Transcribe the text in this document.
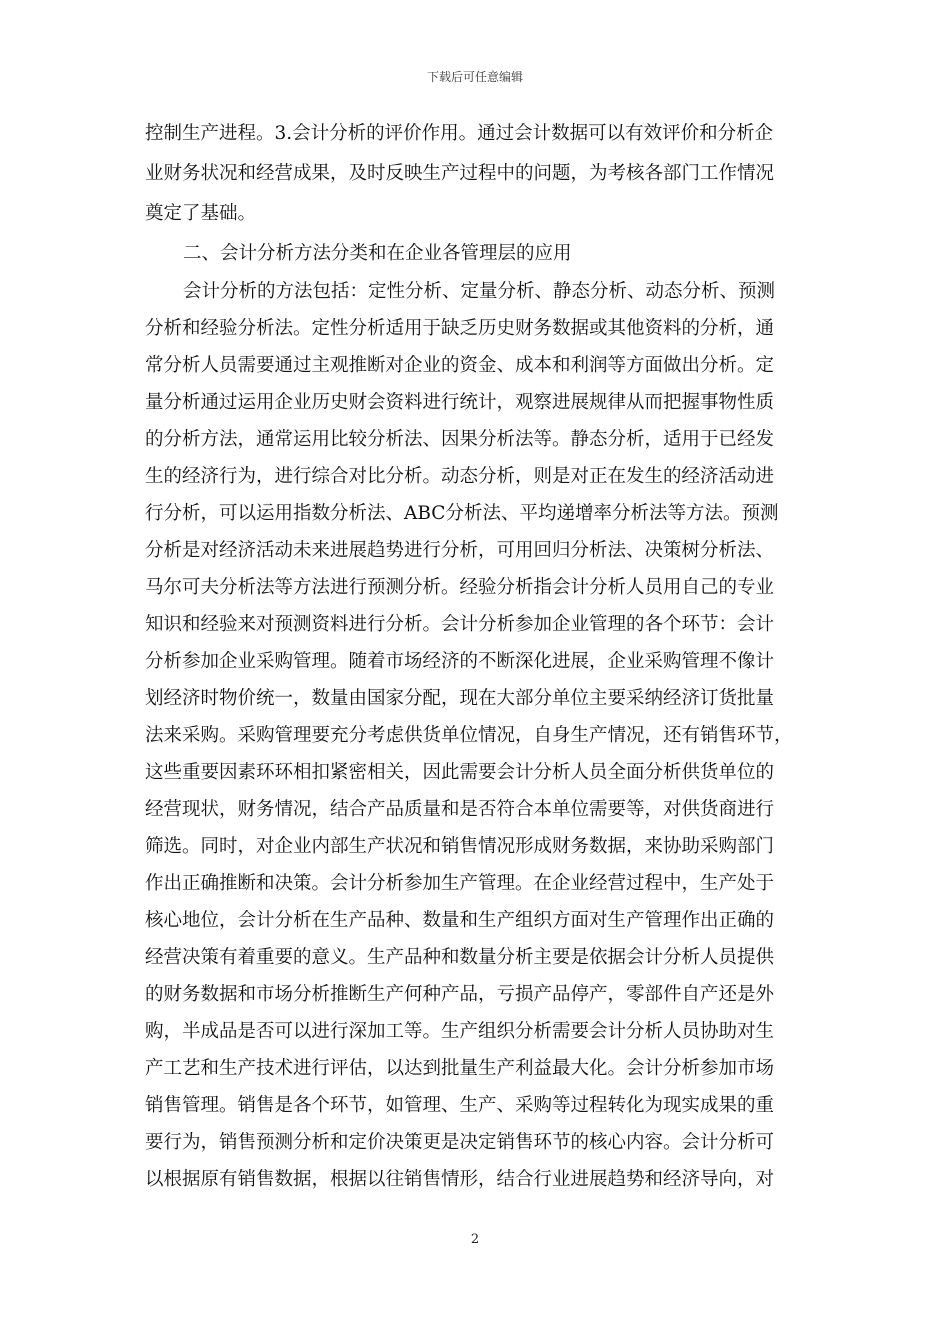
下载后可任意编辑
控制生产进程。3.会计分析的评价作用。通过会计数据可以有效评价和分析企
业财务状况和经营成果，及时反映生产过程中的问题，为考核各部门工作情况
奠定了基础。
二、会计分析方法分类和在企业各管理层的应用
会计分析的方法包括：定性分析、定量分析、静态分析、动态分析、预测
分析和经验分析法。定性分析适用于缺乏历史财务数据或其他资料的分析，通
常分析人员需要通过主观推断对企业的资金、成本和利润等方面做出分析。定
量分析通过运用企业历史财会资料进行统计，观察进展规律从而把握事物性质
的分析方法，通常运用比较分析法、因果分析法等。静态分析，适用于已经发
生的经济行为，进行综合对比分析。动态分析，则是对正在发生的经济活动进
行分析，可以运用指数分析法、ABC分析法、平均递增率分析法等方法。预测
分析是对经济活动未来进展趋势进行分析，可用回归分析法、决策树分析法、
马尔可夫分析法等方法进行预测分析。经验分析指会计分析人员用自己的专业
知识和经验来对预测资料进行分析。会计分析参加企业管理的各个环节：会计
分析参加企业采购管理。随着市场经济的不断深化进展，企业采购管理不像计
划经济时物价统一，数量由国家分配，现在大部分单位主要采纳经济订货批量
法来采购。采购管理要充分考虑供货单位情况，自身生产情况，还有销售环节，
这些重要因素环环相扣紧密相关，因此需要会计分析人员全面分析供货单位的
经营现状，财务情况，结合产品质量和是否符合本单位需要等，对供货商进行
筛选。同时，对企业内部生产状况和销售情况形成财务数据，来协助采购部门
作出正确推断和决策。会计分析参加生产管理。在企业经营过程中，生产处于
核心地位，会计分析在生产品种、数量和生产组织方面对生产管理作出正确的
经营决策有着重要的意义。生产品种和数量分析主要是依据会计分析人员提供
的财务数据和市场分析推断生产何种产品，亏损产品停产，零部件自产还是外
购，半成品是否可以进行深加工等。生产组织分析需要会计分析人员协助对生
产工艺和生产技术进行评估，以达到批量生产利益最大化。会计分析参加市场
销售管理。销售是各个环节，如管理、生产、采购等过程转化为现实成果的重
要行为，销售预测分析和定价决策更是决定销售环节的核心内容。会计分析可
以根据原有销售数据，根据以往销售情形，结合行业进展趋势和经济导向，对
2
